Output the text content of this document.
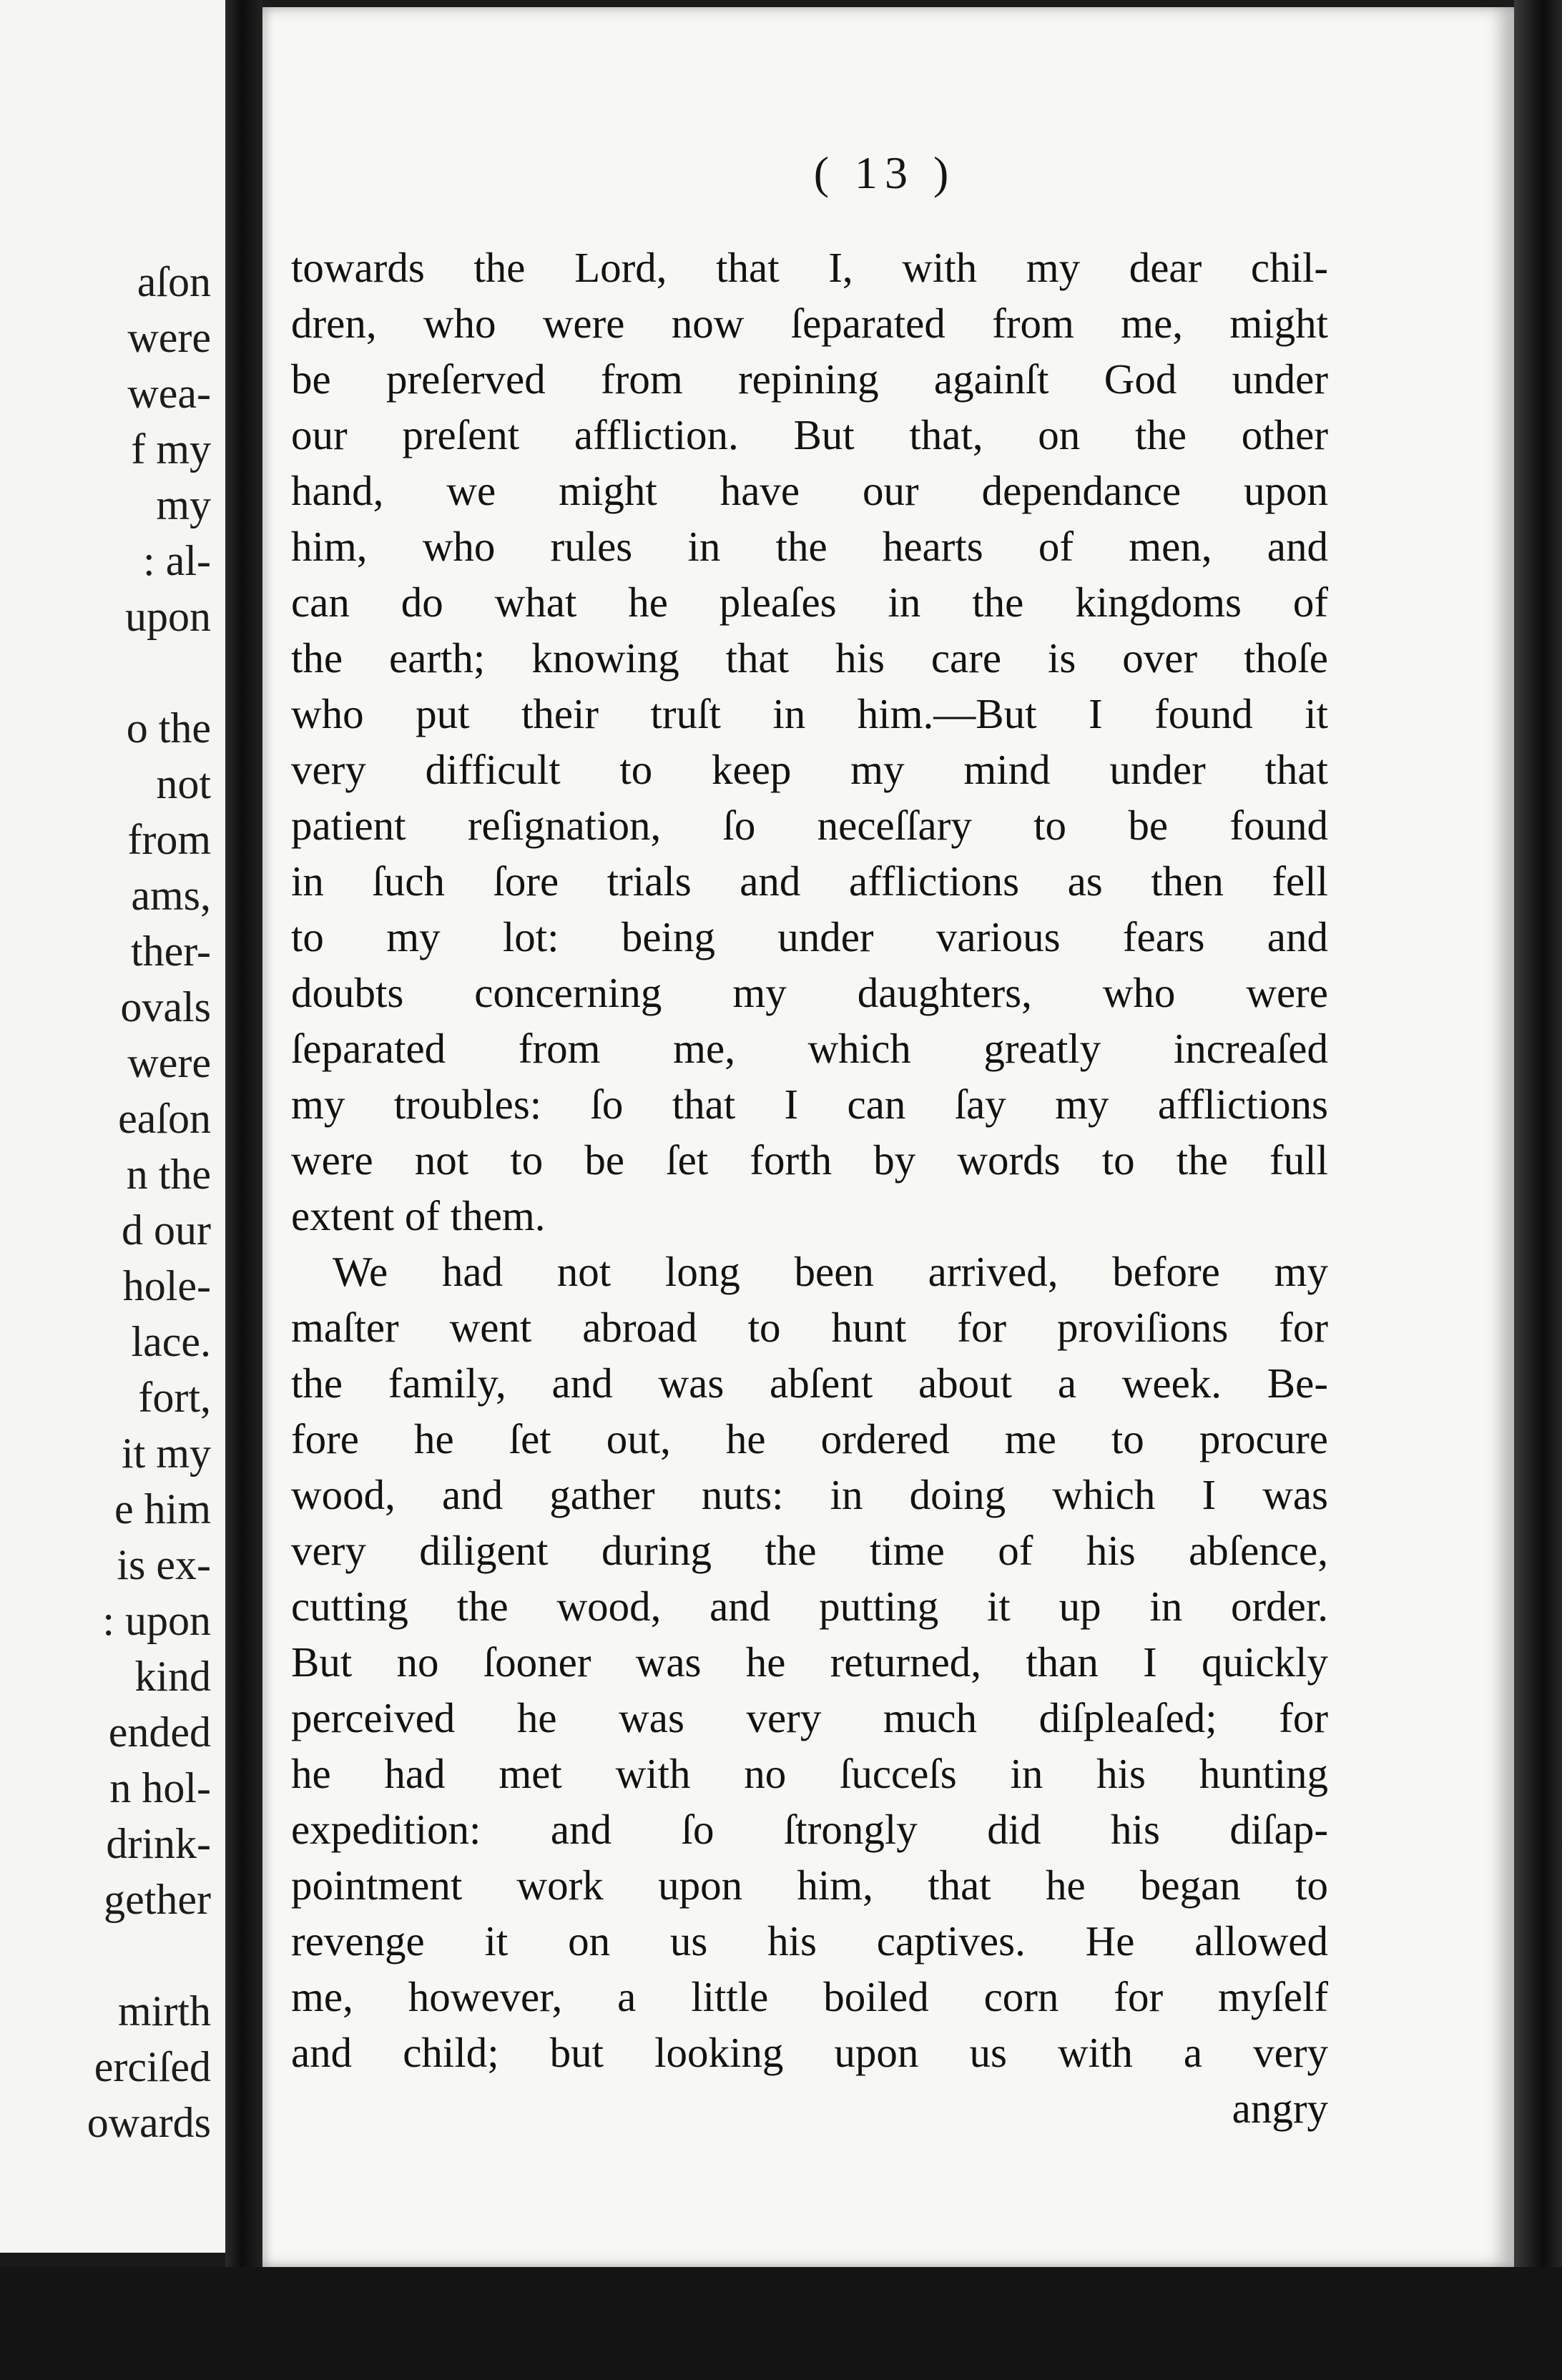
aſon

were

wea-

f my

my

: al-

upon

o the

not

from

ams,

ther-

ovals

were

eaſon

n the

d our

hole-

lace.

fort,

it my

e him

is ex-

: upon

kind

ended

n hol-

drink-

gether

mirth

erciſed

owards

( 13 )

towards the Lord, that I, with my dear chil-
dren, who were now ſeparated from me, might
be preſerved from repining againſt God under
our preſent affliction. But that, on the other
hand, we might have our dependance upon
him, who rules in the hearts of men, and
can do what he pleaſes in the kingdoms of
the earth; knowing that his care is over thoſe
who put their truſt in him.—But I found it
very difficult to keep my mind under that
patient reſignation, ſo neceſſary to be found
in ſuch ſore trials and afflictions as then fell
to my lot: being under various fears and
doubts concerning my daughters, who were
ſeparated from me, which greatly increaſed
my troubles: ſo that I can ſay my afflictions
were not to be ſet forth by words to the full
extent of them.
We had not long been arrived, before my
maſter went abroad to hunt for proviſions for
the family, and was abſent about a week. Be-
fore he ſet out, he ordered me to procure
wood, and gather nuts: in doing which I was
very diligent during the time of his abſence,
cutting the wood, and putting it up in order.
But no ſooner was he returned, than I quickly
perceived he was very much diſpleaſed; for
he had met with no ſucceſs in his hunting
expedition: and ſo ſtrongly did his diſap-
pointment work upon him, that he began to
revenge it on us his captives. He allowed
me, however, a little boiled corn for myſelf
and child; but looking upon us with a very
angry
